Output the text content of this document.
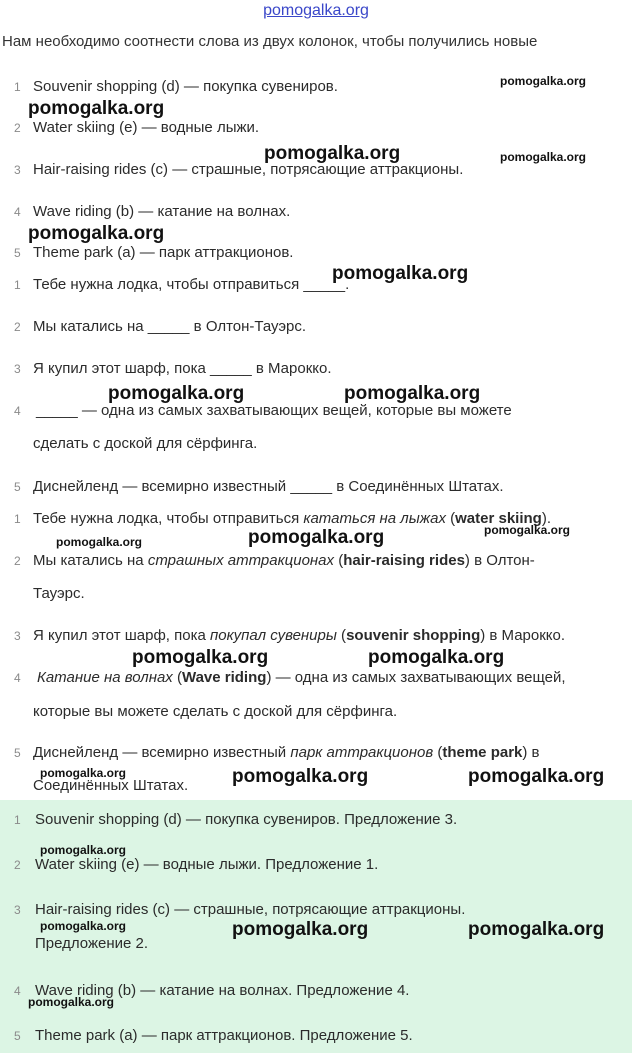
pomogalka.org
Нам необходимо соотнести слова из двух колонок, чтобы получились новые
1 Souvenir shopping (d) — покупка сувениров.
2 Water skiing (e) — водные лыжи.
3 Hair-raising rides (c) — страшные, потрясающие аттракционы.
4 Wave riding (b) — катание на волнах.
5 Theme park (a) — парк аттракционов.
1 Тебе нужна лодка, чтобы отправиться _____.
2 Мы катались на _____ в Олтон-Тауэрс.
3 Я купил этот шарф, пока _____ в Марокко.
4	_____ — одна из самых захватывающих вещей, которые вы можете
сделать с доской для сёрфинга.
5 Диснейленд — всемирно известный _____ в Соединённых Штатах.
1 Тебе нужна лодка, чтобы отправиться кататься на лыжах (water skiing).
2 Мы катались на страшных аттракционах (hair-raising rides) в Олтон-
Тауэрс.
3 Я купил этот шарф, пока покупал сувениры (souvenir shopping) в Марокко.
4	Катание на волнах (Wave riding) — одна из самых захватывающих вещей,
которые вы можете сделать с доской для сёрфинга.
5 Диснейленд — всемирно известный парк аттракционов (theme park) в
Соединённых Штатах.
1 Souvenir shopping (d) — покупка сувениров. Предложение 3.
2 Water skiing (e) — водные лыжи. Предложение 1.
3 Hair-raising rides (c) — страшные, потрясающие аттракционы.
Предложение 2.
4 Wave riding (b) — катание на волнах. Предложение 4.
5 Theme park (a) — парк аттракционов. Предложение 5.
pomogalka.org
pomogalka.org
pomogalka.org	pomogalka.org
pomogalka.org
pomogalka.org
pomogalka.org	pomogalka.org
pomogalka.org
pomogalka.org
pomogalka.org
pomogalka.org	pomogalka.org
pomogalka.org	pomogalka.org	pomogalka.org
pomogalka.org
pomogalka.org	pomogalka.org	pomogalka.org
pomogalka.org
